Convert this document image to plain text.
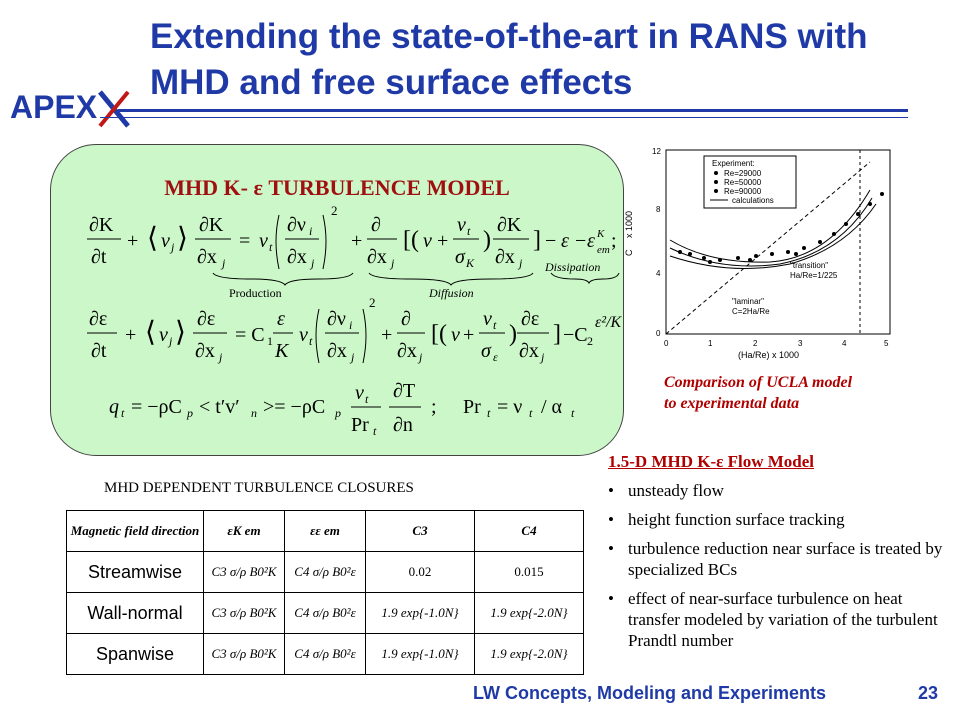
Extending the state-of-the-art in RANS with MHD and free surface effects
APEX
MHD K- ε TURBULENCE MODEL
∂K
∂t
+ ⟨ ν j ⟩ ∂K
∂x j
= ν t
∂ν i
∂x j
2
+
∂
∂x j
[( ν +
ν t
σ K
)
∂K
∂x j
] − ε − ε K
em ;
Production	Diffusion
Dissipation
∂ε
∂t
+ ⟨ ν j ⟩ ∂ε
∂x j
= C 1
ε
K
ν t
∂ν i
∂x j
2
+
∂
∂x j
[( ν +
ν t
σ ε
)
∂ε
∂x j
] −C 2
ε²/K
q t = −ρC p < t′v′ n >= −ρC p
ν t
Pr t
∂T
∂n
; Pr t = ν t / α t
C
x 1000
0
4
8
12
0	1	2	3	4	5
(Ha/Re) x 1000
Experiment:
Re=29000
Re=50000
Re=90000
calculations
"transition"
Ha/Re=1/225
"laminar"
C=2Ha/Re
Comparison of UCLA model
to experimental data
1.5-D MHD K-ε Flow Model
• unsteady flow
• height function surface tracking
• turbulence reduction near surface is treated by specialized BCs
• effect of near-surface turbulence on heat transfer modeled by variation of the turbulent Prandtl number
MHD DEPENDENT TURBULENCE CLOSURES
Magnetic field direction	εK em	εε em	C3	C4
Streamwise	C3 σ/ρ B0²K	C4 σ/ρ B0²ε	0.02	0.015
Wall-normal	C3 σ/ρ B0²K	C4 σ/ρ B0²ε	1.9 exp{-1.0N}	1.9 exp{-2.0N}
Spanwise	C3 σ/ρ B0²K	C4 σ/ρ B0²ε	1.9 exp{-1.0N}	1.9 exp{-2.0N}
LW Concepts, Modeling and Experiments	23
